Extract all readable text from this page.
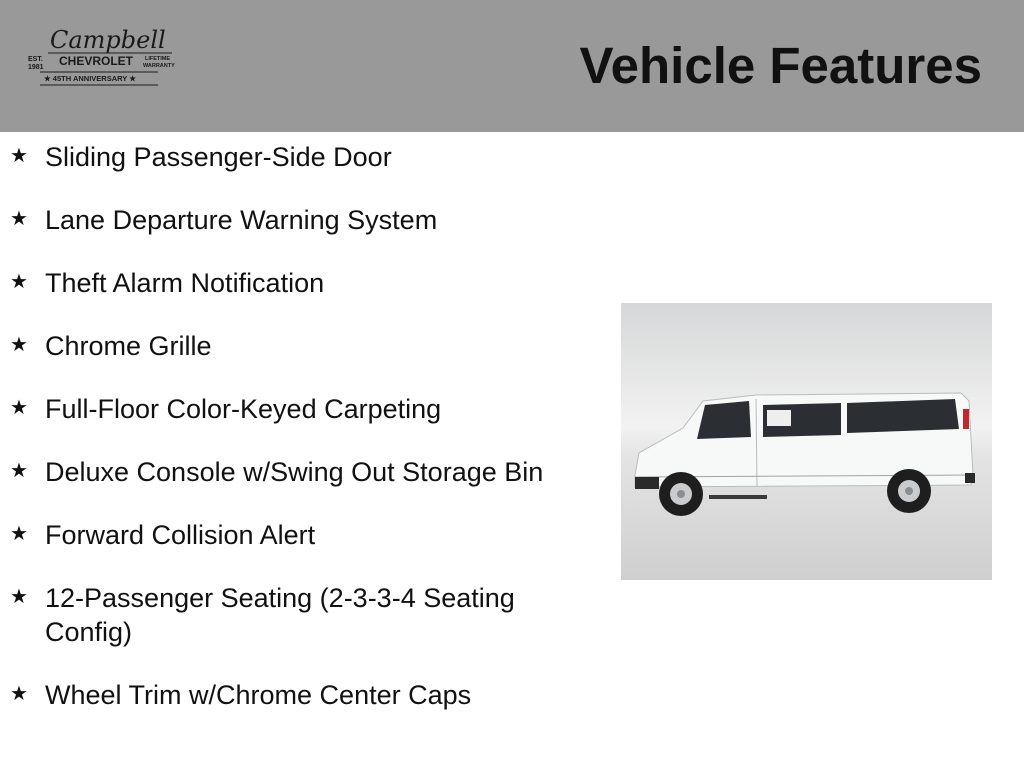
Campbell
EST.
1981 CHEVROLET LIFETIME
WARRANTY
★ 45TH ANNIVERSARY ★	Vehicle Features
★ Sliding Passenger-Side Door
★ Lane Departure Warning System
★ Theft Alarm Notification
★ Chrome Grille
★ Full-Floor Color-Keyed Carpeting
★ Deluxe Console w/Swing Out Storage Bin
★ Forward Collision Alert
★ 12-Passenger Seating (2-3-3-4 Seating Config)
★ Wheel Trim w/Chrome Center Caps
